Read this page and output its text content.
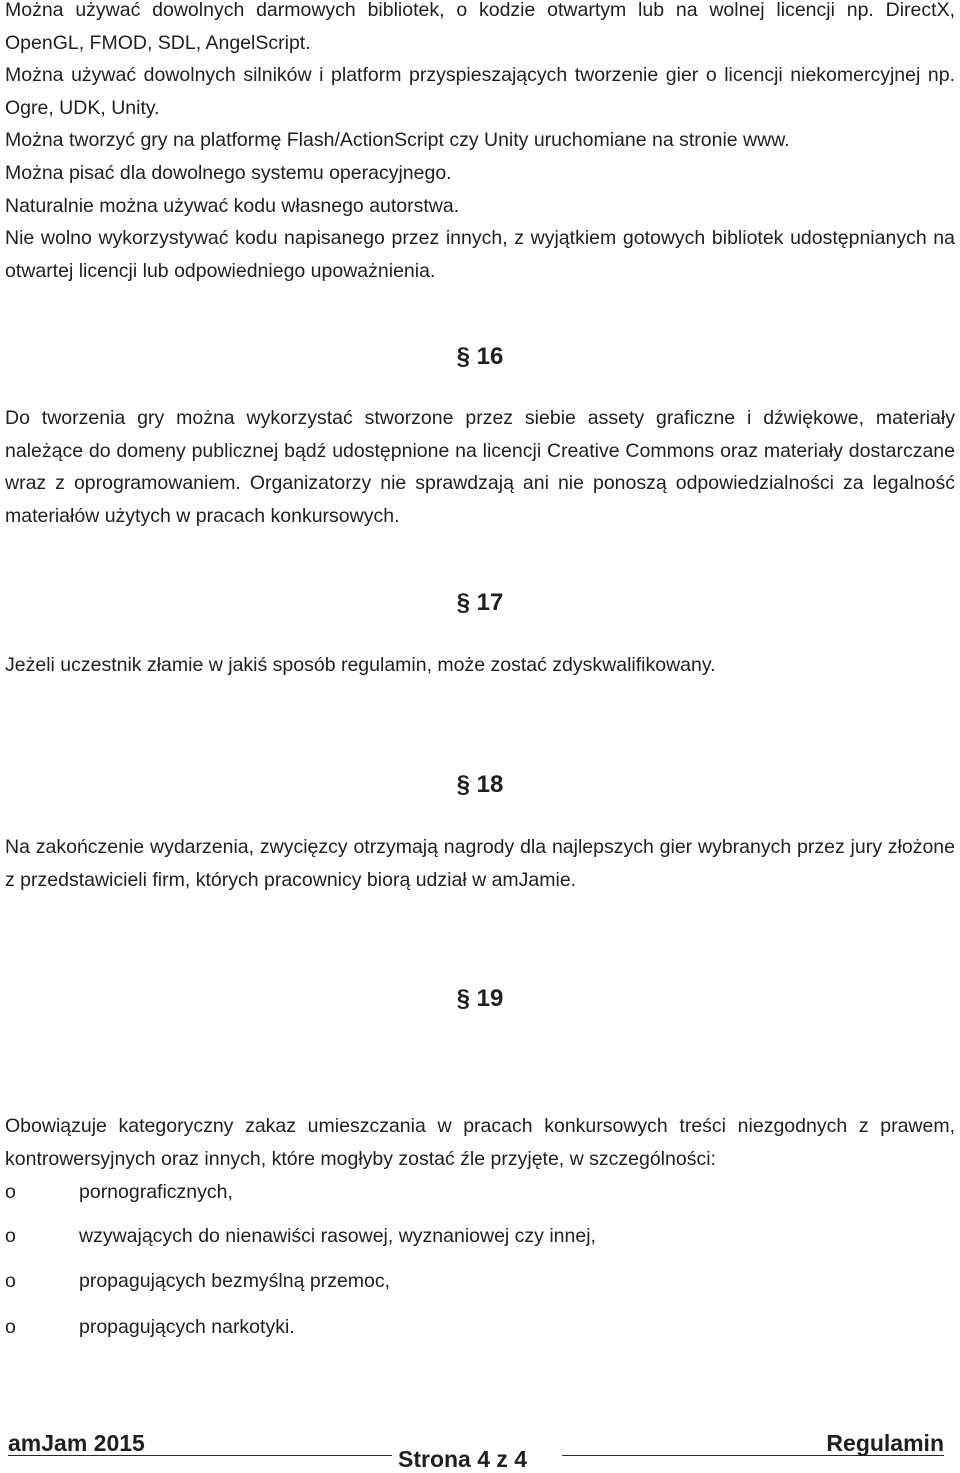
Można używać dowolnych darmowych bibliotek, o kodzie otwartym lub na wolnej licencji np. DirectX, OpenGL, FMOD, SDL, AngelScript.

Można używać dowolnych silników i platform przyspieszających tworzenie gier o licencji niekomercyjnej np. Ogre, UDK, Unity.

Można tworzyć gry na platformę Flash/ActionScript czy Unity uruchomiane na stronie www.

Można pisać dla dowolnego systemu operacyjnego.

Naturalnie można używać kodu własnego autorstwa.

Nie wolno wykorzystywać kodu napisanego przez innych, z wyjątkiem gotowych bibliotek udostępnianych na otwartej licencji lub odpowiedniego upoważnienia.

§ 16

Do tworzenia gry można wykorzystać stworzone przez siebie assety graficzne i dźwiękowe, materiały należące do domeny publicznej bądź udostępnione na licencji Creative Commons oraz materiały dostarczane wraz z oprogramowaniem. Organizatorzy nie sprawdzają ani nie ponoszą odpowiedzialności za legalność materiałów użytych w pracach konkursowych.

§ 17

Jeżeli uczestnik złamie w jakiś sposób regulamin, może zostać zdyskwalifikowany.

§ 18

Na zakończenie wydarzenia, zwycięzcy otrzymają nagrody dla najlepszych gier wybranych przez jury złożone z przedstawicieli firm, których pracownicy biorą udział w amJamie.

§ 19

Obowiązuje kategoryczny zakaz umieszczania w pracach konkursowych treści niezgodnych z prawem, kontrowersyjnych oraz innych, które mogłyby zostać źle przyjęte, w szczególności:

o	pornograficznych,
o	wzywających do nienawiści rasowej, wyznaniowej czy innej,
o	propagujących bezmyślną przemoc,
o	propagujących narkotyki.
amJam 2015
Strona 4 z 4
Regulamin
